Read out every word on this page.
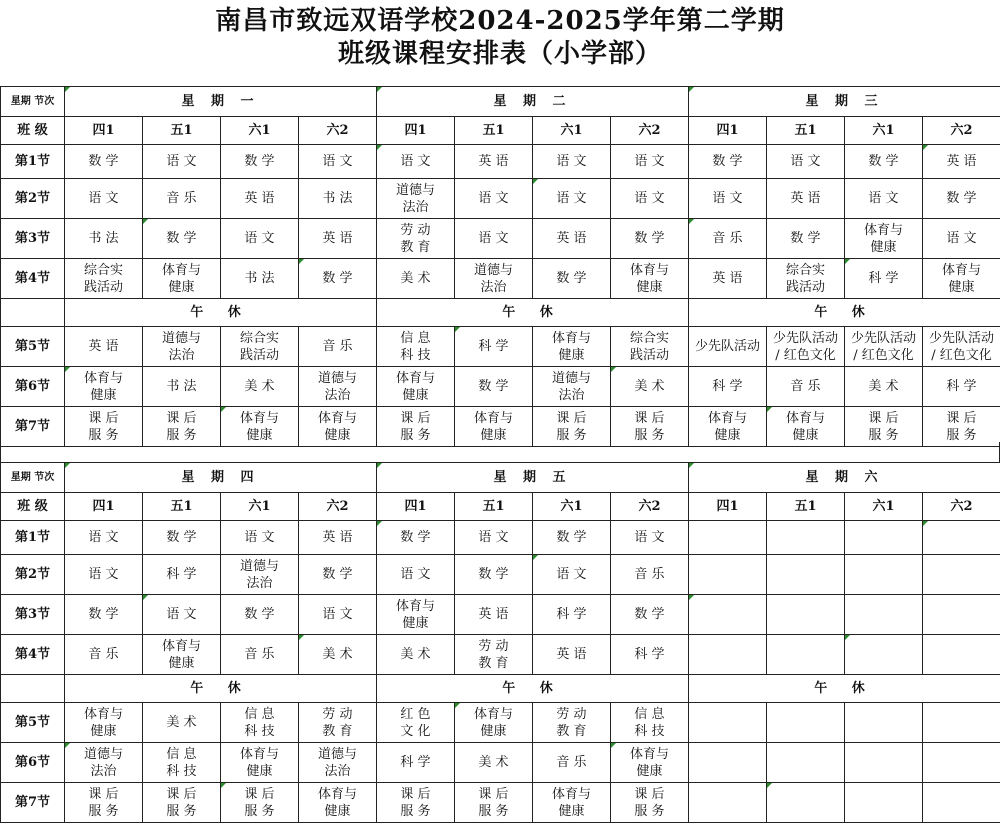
南昌市致远双语学校2024-2025学年第二学期
班级课程安排表（小学部）
星期 节次	星 期 一				星 期 二				星 期 三			

班 级	四1	五1	六1	六2	四1	五1	六1	六2	四1	五1	六1	六2
第1节	数 学	语 文	数 学	语 文	语 文	英 语	语 文	语 文	数 学	语 文	数 学	英 语

第2节	语 文	音 乐	英 语	书 法	道德与
法治	语 文	语 文	语 文	语 文	英 语	语 文	数 学
第3节	书 法	数 学	语 文	英 语	劳 动
教 育	语 文	英 语	数 学	音 乐	数 学	体育与
健康	语 文
第4节	综合实
践活动	体育与
健康	书 法	数 学	美 术	道德与
法治	数 学	体育与
健康	英 语	综合实
践活动	科 学	体育与
健康
	午 休				午 休				午 休			
第5节	英 语	道德与
法治	综合实
践活动	音 乐	信 息
科 技	科 学	体育与
健康	综合实
践活动	少先队活动	少先队活动
/ 红色文化	少先队活动
/ 红色文化	少先队活动
/ 红色文化
第6节	体育与
健康	书 法	美 术	道德与
法治	体育与
健康	数 学	道德与
法治	美 术	科 学	音 乐	美 术	科 学
第7节	课 后
服 务	课 后
服 务	体育与
健康	体育与
健康	课 后
服 务	体育与
健康	课 后
服 务	课 后
服 务	体育与
健康	体育与
健康	课 后
服 务	课 后
服 务
星期 节次	星 期 四				星 期 五				星 期 六			

班 级	四1	五1	六1	六2	四1	五1	六1	六2	四1	五1	六1	六2
第1节	语 文	数 学	语 文	英 语	数 学	语 文	数 学	语 文				

第2节	语 文	科 学	道德与
法治	数 学	语 文	数 学	语 文	音 乐				
第3节	数 学	语 文	数 学	语 文	体育与
健康	英 语	科 学	数 学	

第4节	音 乐	体育与
健康	音 乐	美 术	美 术	劳 动
教 育	英 语	科 学			

	午 休				午 休				午 休			
第5节	体育与
健康	美 术	信 息
科 技	劳 动
教 育	红 色
文 化	体育与
健康	劳 动
教 育	信 息
科 技				
第6节	道德与
法治	信 息
科 技	体育与
健康	道德与
法治	科 学	美 术	音 乐	体育与
健康

第7节	课 后
服 务	课 后
服 务	课 后
服 务	体育与
健康	课 后
服 务	课 后
服 务	体育与
健康	课 后
服 务		
